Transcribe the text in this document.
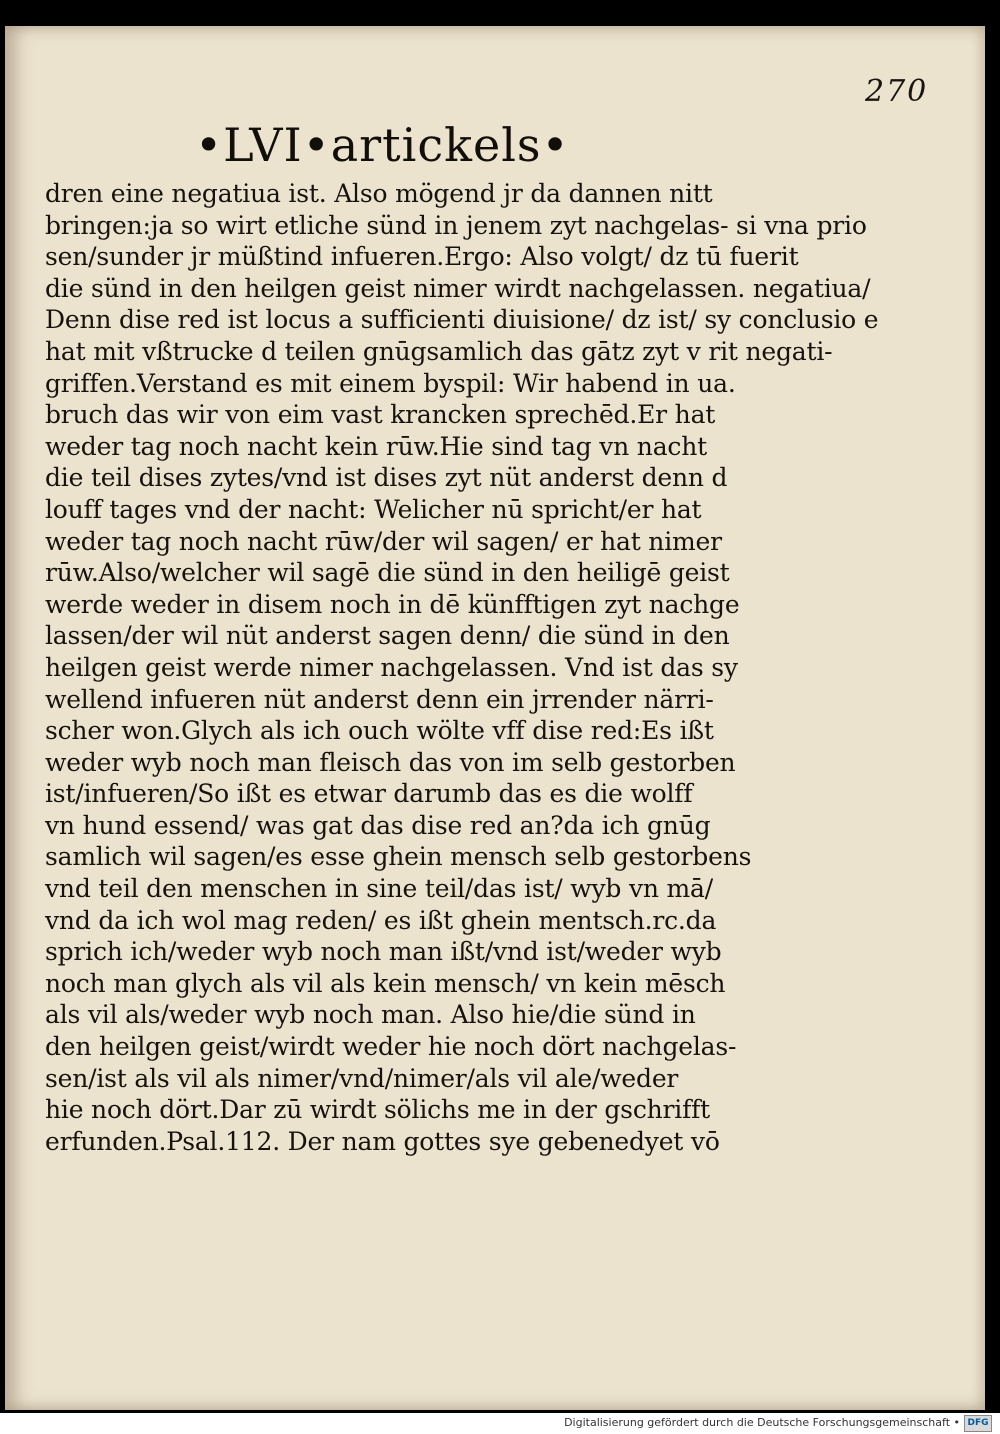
270
•LVI•artickels•
dren eine negatiua ist. Also mögend jr da dannen nitt
bringen:ja so wirt etliche sünd in jenem zyt nachgelas- si vna prio
sen/sunder jr müßtind infueren.Ergo: Also volgt/ dz tū fuerit
die sünd in den heilgen geist nimer wirdt nachgelassen. negatiua/
Denn dise red ist locus a sufficienti diuisione/ dz ist/ sy conclusio e
hat mit vßtrucke d teilen gnūgsamlich das gātz zyt v rit negati-
griffen.Verstand es mit einem byspil: Wir habend in ua.
bruch das wir von eim vast krancken sprechēd.Er hat
weder tag noch nacht kein rūw.Hie sind tag vn nacht
die teil dises zytes/vnd ist dises zyt nüt anderst denn d
louff tages vnd der nacht: Welicher nū spricht/er hat
weder tag noch nacht rūw/der wil sagen/ er hat nimer
rūw.Also/welcher wil sagē die sünd in den heiligē geist
werde weder in disem noch in dē künfftigen zyt nachge
lassen/der wil nüt anderst sagen denn/ die sünd in den
heilgen geist werde nimer nachgelassen. Vnd ist das sy
wellend infueren nüt anderst denn ein jrrender närri-
scher won.Glych als ich ouch wölte vff dise red:Es ißt
weder wyb noch man fleisch das von im selb gestorben
ist/infueren/So ißt es etwar darumb das es die wolff
vn hund essend/ was gat das dise red an?da ich gnūg
samlich wil sagen/es esse ghein mensch selb gestorbens
vnd teil den menschen in sine teil/das ist/ wyb vn mā/
vnd da ich wol mag reden/ es ißt ghein mentsch.rc.da
sprich ich/weder wyb noch man ißt/vnd ist/weder wyb
noch man glych als vil als kein mensch/ vn kein mēsch
als vil als/weder wyb noch man. Also hie/die sünd in
den heilgen geist/wirdt weder hie noch dört nachgelas-
sen/ist als vil als nimer/vnd/nimer/als vil ale/weder
hie noch dört.Dar zū wirdt sölichs me in der gschrifft
erfunden.Psal.112. Der nam gottes sye gebenedyet vō
Digitalisierung gefördert durch die Deutsche Forschungsgemeinschaft • DFG
